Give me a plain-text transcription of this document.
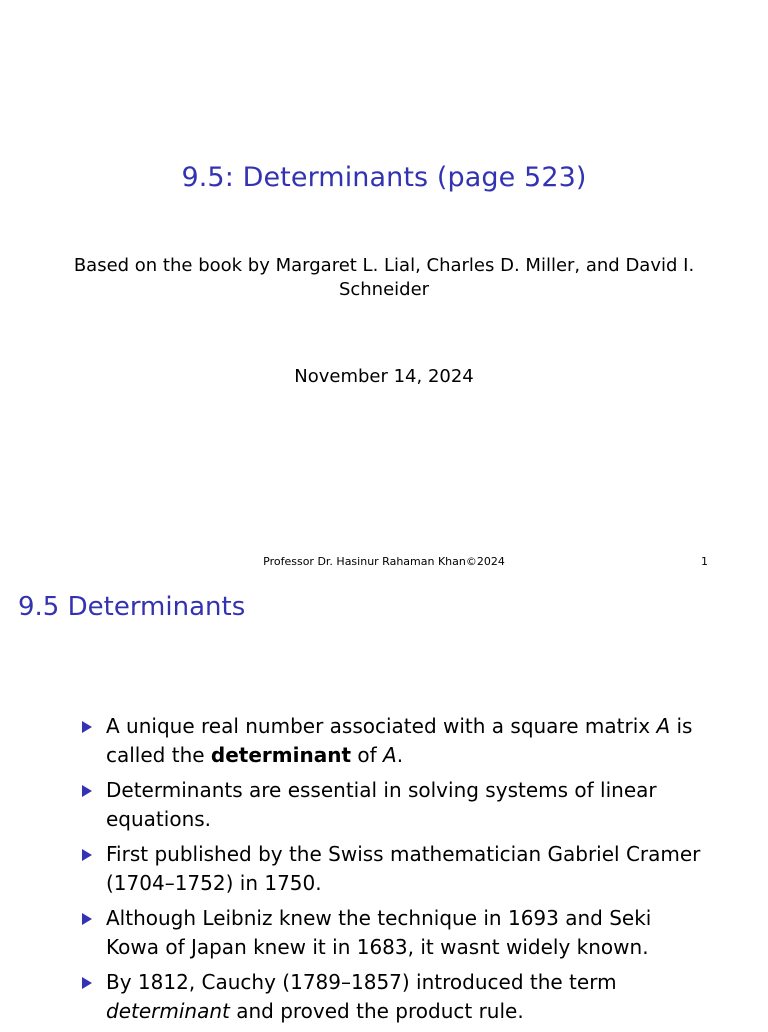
9.5: Determinants (page 523)
Based on the book by Margaret L. Lial, Charles D. Miller, and David I. Schneider
November 14, 2024
Professor Dr. Hasinur Rahaman Khan©2024	1
9.5 Determinants
A unique real number associated with a square matrix A is called the determinant of A.
Determinants are essential in solving systems of linear equations.
First published by the Swiss mathematician Gabriel Cramer (1704–1752) in 1750.
Although Leibniz knew the technique in 1693 and Seki Kowa of Japan knew it in 1683, it wasnt widely known.
By 1812, Cauchy (1789–1857) introduced the term determinant and proved the product rule.
